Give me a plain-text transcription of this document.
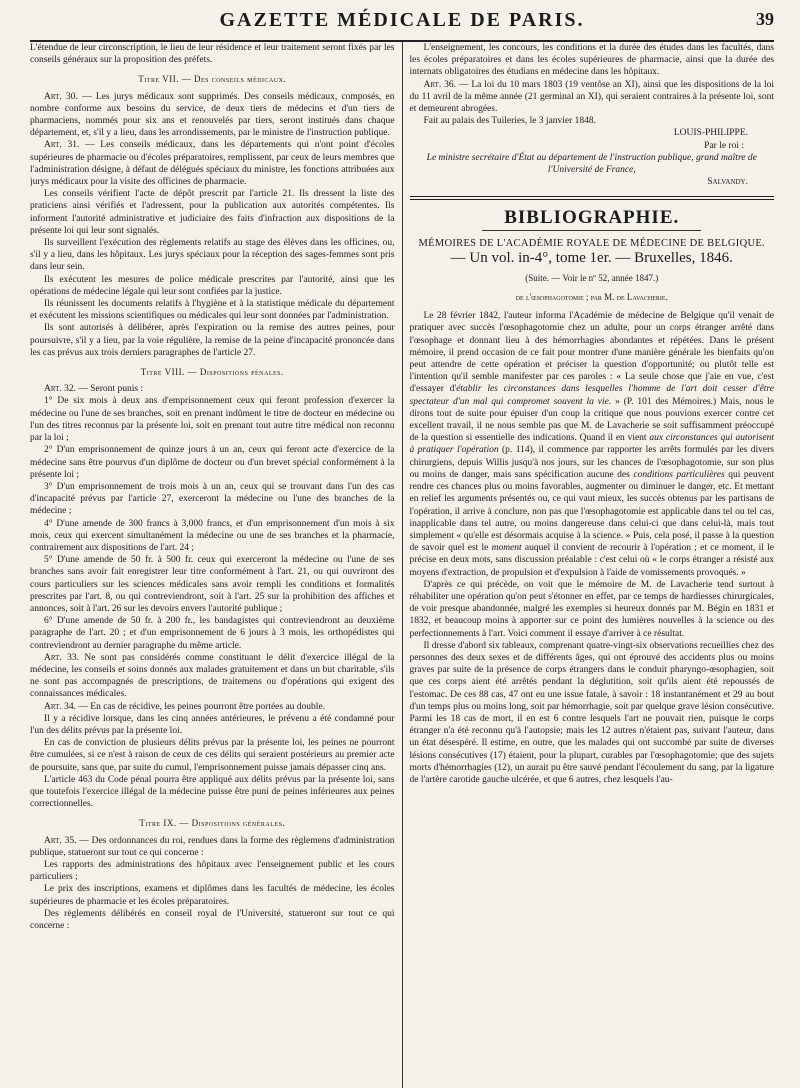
GAZETTE MÉDICALE DE PARIS.	39

L'étendue de leur circonscription, le lieu de leur résidence et leur traitement seront fixés par les conseils généraux sur la proposition des préfets.

Titre VII. — Des conseils médicaux.

Art. 30. — Les jurys médicaux sont supprimés. Des conseils médicaux, composés, en nombre conforme aux besoins du service, de deux tiers de médecins et d'un tiers de pharmaciens, nommés pour six ans et renouvelés par tiers, seront institués dans chaque département, et, s'il y a lieu, dans les arrondissements, par le ministre de l'instruction publique.

Art. 31. — Les conseils médicaux, dans les départements qui n'ont point d'écoles supérieures de pharmacie ou d'écoles préparatoires, remplissent, par ceux de leurs membres que l'administration désigne, à défaut de délégués spéciaux du ministre, les fonctions attribuées aux jurys médicaux pour la visite des officines de pharmacie.

Les conseils vérifient l'acte de dépôt prescrit par l'article 21. Ils dressent la liste des praticiens ainsi vérifiés et l'adressent, pour la publication aux autorités compétentes. Ils informent l'autorité administrative et judiciaire des faits d'infraction aux dispositions de la présente loi qui leur sont signalés.

Ils surveillent l'exécution des règlements relatifs au stage des élèves dans les officines, ou, s'il y a lieu, dans les hôpitaux. Les jurys spéciaux pour la réception des sages-femmes sont pris dans leur sein.

Ils exécutent les mesures de police médicale prescrites par l'autorité, ainsi que les opérations de médecine légale qui leur sont confiées par la justice.

Ils réunissent les documents relatifs à l'hygiène et à la statistique médicale du département et exécutent les missions scientifiques ou médicales qui leur sont données par l'administration.

Ils sont autorisés à délibérer, après l'expiration ou la remise des autres peines, pour poursuivre, s'il y a lieu, par la voie régulière, la remise de la peine d'incapacité prononcée dans les cas prévus aux trois derniers paragraphes de l'article 27.

Titre VIII. — Dispositions pénales.

Art. 32. — Seront punis :

1° De six mois à deux ans d'emprisonnement ceux qui feront profession d'exercer la médecine ou l'une de ses branches, soit en prenant indûment le titre de docteur en médecine ou l'un des titres reconnus par la présente loi, soit en prenant tout autre titre médical non reconnu par la loi ;

2° D'un emprisonnement de quinze jours à un an, ceux qui feront acte d'exercice de la médecine sans être pourvus d'un diplôme de docteur ou d'un brevet spécial conformément à la présente loi ;

3° D'un emprisonnement de trois mois à un an, ceux qui se trouvant dans l'un des cas d'incapacité prévus par l'article 27, exerceront la médecine ou l'une des branches de la médecine ;

4° D'une amende de 300 francs à 3,000 francs, et d'un emprisonnement d'un mois à six mois, ceux qui exercent simultanément la médecine ou une de ses branches et la pharmacie, contrairement aux dispositions de l'art. 24 ;

5° D'une amende de 50 fr. à 500 fr. ceux qui exerceront la médecine ou l'une de ses branches sans avoir fait enregistrer leur titre conformément à l'art. 21, ou qui ouvriront des cours particuliers sur les sciences médicales sans avoir rempli les conditions et formalités prescrites par l'art. 8, ou qui contreviendront, soit à l'art. 25 sur la prohibition des affiches et annonces, soit à l'art. 26 sur les devoirs envers l'autorité publique ;

6° D'une amende de 50 fr. à 200 fr., les bandagistes qui contreviendront au deuxième paragraphe de l'art. 20 ; et d'un emprisonnement de 6 jours à 3 mois, les orthopédistes qui contreviendront au dernier paragraphe du même article.

Art. 33. Ne sont pas considérés comme constituant le délit d'exercice illégal de la médecine, les conseils et soins donnés aux malades gratuitement et dans un but charitable, s'ils ne sont pas accompagnés de prescriptions, de traitemens ou d'opérations qui exigent des connaissances médicales.

Art. 34. — En cas de récidive, les peines pourront être portées au double.

Il y a récidive lorsque, dans les cinq années antérieures, le prévenu a été condamné pour l'un des délits prévus par la présente loi.

En cas de conviction de plusieurs délits prévus par la présente loi, les peines ne pourront être cumulées, si ce n'est à raison de ceux de ces délits qui seraient postérieurs au premier acte de poursuite, sans que, par suite du cumul, l'emprisonnement puisse jamais dépasser cinq ans.

L'article 463 du Code pénal pourra être appliqué aux délits prévus par la présente loi, sans que toutefois l'exercice illégal de la médecine puisse être puni de peines inférieures aux peines correctionnelles.

Titre IX. — Dispositions générales.

Art. 35. — Des ordonnances du roi, rendues dans la forme des règlemens d'administration publique, statueront sur tout ce qui concerne :

Les rapports des administrations des hôpitaux avec l'enseignement public et les cours particuliers ;

Le prix des inscriptions, examens et diplômes dans les facultés de médecine, les écoles supérieures de pharmacie et les écoles préparatoires.

Des règlements délibérés en conseil royal de l'Université, statueront sur tout ce qui concerne :

L'enseignement, les concours, les conditions et la durée des études dans les facultés, dans les écoles préparatoires et dans les écoles supérieures de pharmacie, ainsi que la durée des internats obligatoires des étudians en médecine dans les hôpitaux.

Art. 36. — La loi du 10 mars 1803 (19 ventôse an XI), ainsi que les dispositions de la loi du 11 avril de la même année (21 germinal an XI), qui seraient contraires à la présente loi, sont et demeurent abrogées.

Fait au palais des Tuileries, le 3 janvier 1848.

LOUIS-PHILIPPE.

Par le roi :

Le ministre secrétaire d'État au département de l'instruction publique, grand maître de l'Université de France,

Salvandy.

BIBLIOGRAPHIE.
MÉMOIRES DE L'ACADÉMIE ROYALE DE MÉDECINE DE BELGIQUE.
— Un vol. in-4°, tome 1er. — Bruxelles, 1846.
(Suite. — Voir le nº 52, année 1847.)
de l'œsophagotomie ; par M. de Lavacherie.

Le 28 février 1842, l'auteur informa l'Académie de médecine de Belgique qu'il venait de pratiquer avec succès l'œsophagotomie chez un adulte, pour un corps étranger arrêté dans l'œsophage et donnant lieu à des hémorrhagies abondantes et répétées. Dans le présent mémoire, il prend occasion de ce fait pour montrer d'une manière générale les bienfaits qu'on peut attendre de cette opération et préciser la question d'opportunité; ou plutôt telle est l'intention qu'il semble manifester par ces paroles : « La seule chose que j'aie en vue, c'est d'essayer d'établir les circonstances dans lesquelles l'homme de l'art doit cesser d'être spectateur d'un mal qui compromet souvent la vie. » (P. 101 des Mémoires.) Mais, nous le dirons tout de suite pour épuiser d'un coup la critique que nous pouvions exercer contre cet excellent travail, il ne nous semble pas que M. de Lavacherie se soit suffisamment préoccupé de la question si essentielle des indications. Quand il en vient aux circonstances qui autorisent à pratiquer l'opération (p. 114), il commence par rapporter les arrêts formulés par les divers chirurgiens, depuis Willis jusqu'à nos jours, sur les chances de l'œsophagotomie, sur son plus ou moins de danger, mais sans spécification aucune des conditions particulières qui peuvent rendre ces chances plus ou moins favorables, augmenter ou diminuer le danger, etc. Et mettant en relief les arguments présentés ou, ce qui vaut mieux, les succès obtenus par les partisans de l'opération, il arrive à conclure, non pas que l'œsophagotomie est applicable dans tel ou tel cas, inapplicable dans tel autre, ou moins dangereuse dans celui-ci que dans celui-là, mais tout simplement « qu'elle est désormais acquise à la science. » Puis, cela posé, il passe à la question de savoir quel est le moment auquel il convient de recourir à l'opération ; et ce moment, il le précise en deux mots, sans discussion préalable : c'est celui où « le corps étranger a résisté aux moyens d'extraction, de propulsion et d'expulsion à l'aide de vomissements provoqués. »

D'après ce qui précède, on voit que le mémoire de M. de Lavacherie tend surtout à réhabiliter une opération qu'on peut s'étonner en effet, par ce temps de hardiesses chirurgicales, de voir presque abandonnée, malgré les exemples si heureux donnés par M. Bégin en 1831 et 1832, et beaucoup moins à apporter sur ce point des lumières nouvelles à la science ou des perfectionnements à l'art. Voici comment il essaye d'arriver à ce résultat.

Il dresse d'abord six tableaux, comprenant quatre-vingt-six observations recueillies chez des personnes des deux sexes et de différents âges, qui ont éprouvé des accidents plus ou moins graves par suite de la présence de corps étrangers dans le conduit pharyngo-œsophagien, soit que ces corps aient été arrêtés pendant la déglutition, soit qu'ils aient été repoussés de l'estomac. De ces 88 cas, 47 ont eu une issue fatale, à savoir : 18 instantanément et 29 au bout d'un temps plus ou moins long, soit par hémorrhagie, soit par quelque grave lésion consécutive. Parmi les 18 cas de mort, il en est 6 contre lesquels l'art ne pouvait rien, puisque le corps étranger n'a été reconnu qu'à l'autopsie; mais les 12 autres n'étaient pas, suivant l'auteur, dans un état désespéré. Il estime, en outre, que les malades qui ont succombé par suite de diverses lésions consécutives (17) étaient, pour la plupart, curables par l'œsophagotomie; que des sujets morts d'hémorrhagies (12), un aurait pu être sauvé pendant l'écoulement du sang, par la ligature de l'artère carotide gauche ulcérée, et que 6 autres, chez lesquels l'au-
